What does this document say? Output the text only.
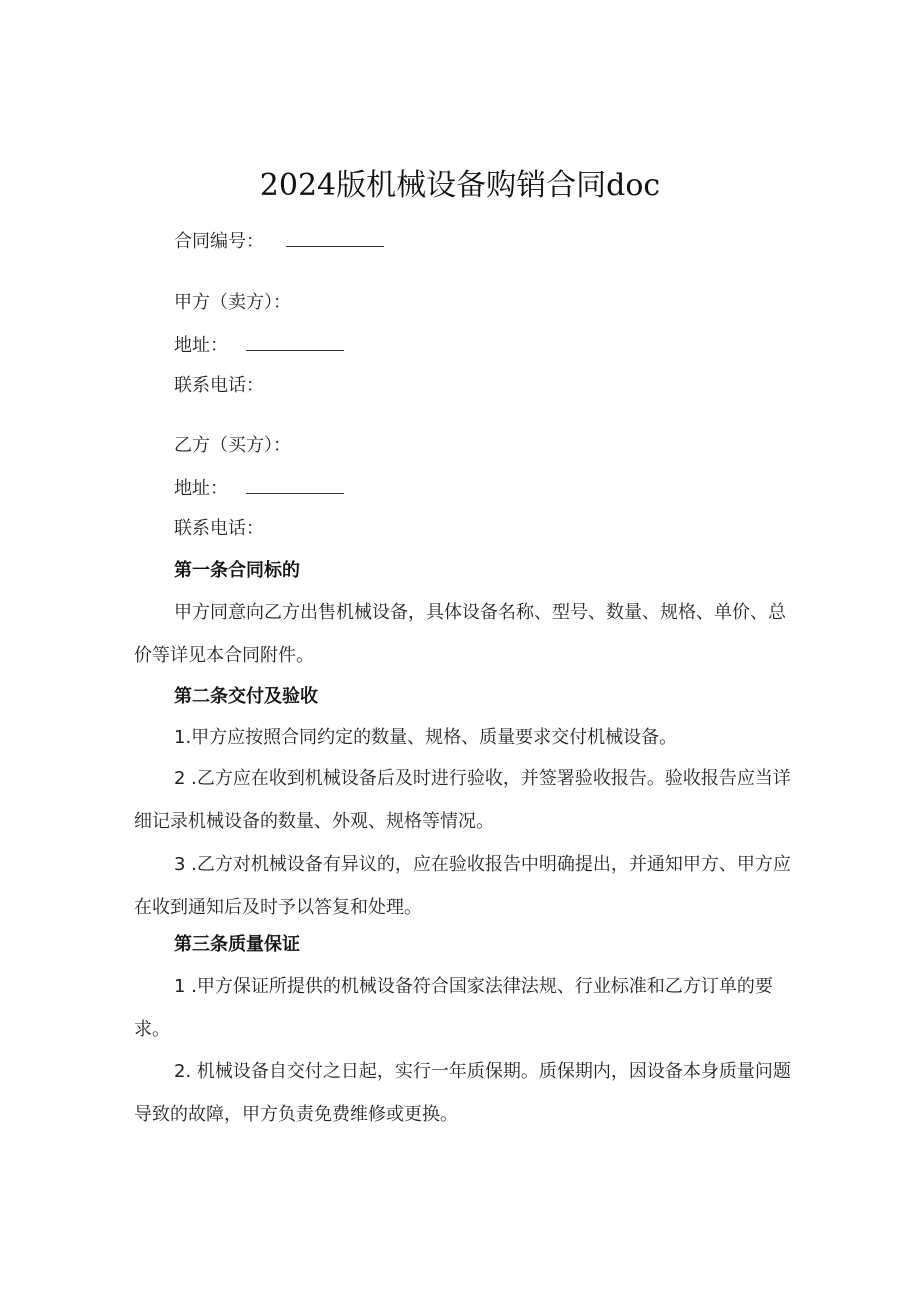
2024版机械设备购销合同doc
合同编号：
甲方（卖方）：
地址：
联系电话：
乙方（买方）：
地址：
联系电话：
第一条合同标的
甲方同意向乙方出售机械设备，具体设备名称、型号、数量、规格、单价、总价等详见本合同附件。
第二条交付及验收
1.甲方应按照合同约定的数量、规格、质量要求交付机械设备。
2 .乙方应在收到机械设备后及时进行验收，并签署验收报告。验收报告应当详细记录机械设备的数量、外观、规格等情况。
3 .乙方对机械设备有异议的，应在验收报告中明确提出，并通知甲方、甲方应在收到通知后及时予以答复和处理。
第三条质量保证
1 .甲方保证所提供的机械设备符合国家法律法规、行业标准和乙方订单的要求。
2. 机械设备自交付之日起，实行一年质保期。质保期内，因设备本身质量问题导致的故障，甲方负责免费维修或更换。
